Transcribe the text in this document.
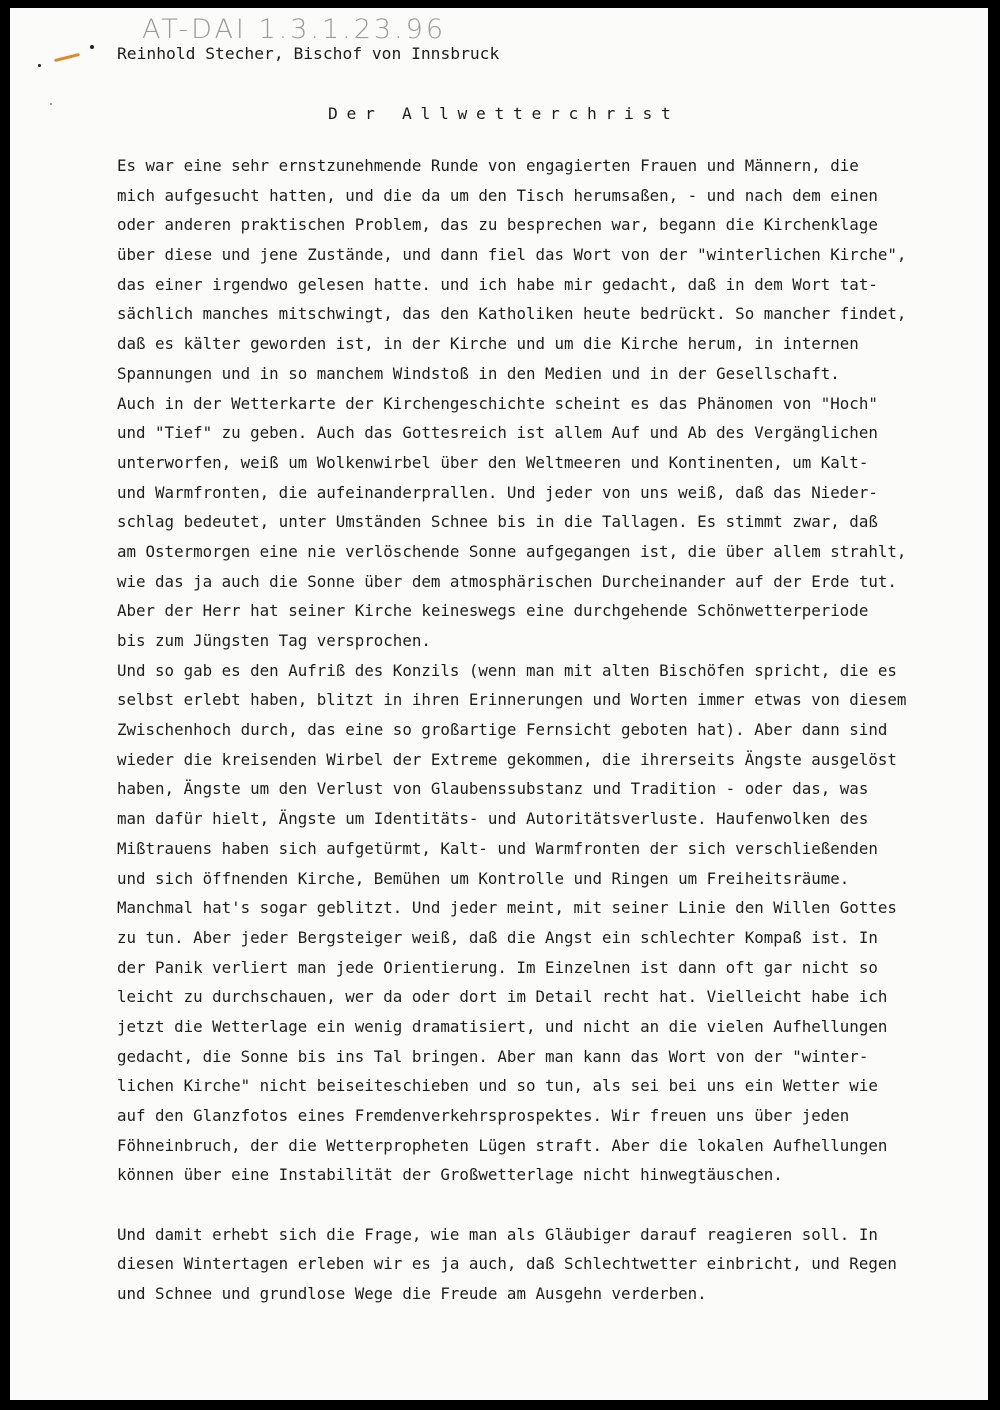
AT-DAI 1.3.1.23.96
Reinhold Stecher, Bischof von Innsbruck
Der Allwetterchrist
Es war eine sehr ernstzunehmende Runde von engagierten Frauen und Männern, die
mich aufgesucht hatten, und die da um den Tisch herumsaßen, - und nach dem einen
oder anderen praktischen Problem, das zu besprechen war, begann die Kirchenklage
über diese und jene Zustände, und dann fiel das Wort von der "winterlichen Kirche",
das einer irgendwo gelesen hatte. und ich habe mir gedacht, daß in dem Wort tat-
sächlich manches mitschwingt, das den Katholiken heute bedrückt. So mancher findet,
daß es kälter geworden ist, in der Kirche und um die Kirche herum, in internen
Spannungen und in so manchem Windstoß in den Medien und in der Gesellschaft.
Auch in der Wetterkarte der Kirchengeschichte scheint es das Phänomen von "Hoch"
und "Tief" zu geben. Auch das Gottesreich ist allem Auf und Ab des Vergänglichen
unterworfen, weiß um Wolkenwirbel über den Weltmeeren und Kontinenten, um Kalt-
und Warmfronten, die aufeinanderprallen. Und jeder von uns weiß, daß das Nieder-
schlag bedeutet, unter Umständen Schnee bis in die Tallagen. Es stimmt zwar, daß
am Ostermorgen eine nie verlöschende Sonne aufgegangen ist, die über allem strahlt,
wie das ja auch die Sonne über dem atmosphärischen Durcheinander auf der Erde tut.
Aber der Herr hat seiner Kirche keineswegs eine durchgehende Schönwetterperiode
bis zum Jüngsten Tag versprochen.
Und so gab es den Aufriß des Konzils (wenn man mit alten Bischöfen spricht, die es
selbst erlebt haben, blitzt in ihren Erinnerungen und Worten immer etwas von diesem
Zwischenhoch durch, das eine so großartige Fernsicht geboten hat). Aber dann sind
wieder die kreisenden Wirbel der Extreme gekommen, die ihrerseits Ängste ausgelöst
haben, Ängste um den Verlust von Glaubenssubstanz und Tradition - oder das, was
man dafür hielt, Ängste um Identitäts- und Autoritätsverluste. Haufenwolken des
Mißtrauens haben sich aufgetürmt, Kalt- und Warmfronten der sich verschließenden
und sich öffnenden Kirche, Bemühen um Kontrolle und Ringen um Freiheitsräume.
Manchmal hat's sogar geblitzt. Und jeder meint, mit seiner Linie den Willen Gottes
zu tun. Aber jeder Bergsteiger weiß, daß die Angst ein schlechter Kompaß ist. In
der Panik verliert man jede Orientierung. Im Einzelnen ist dann oft gar nicht so
leicht zu durchschauen, wer da oder dort im Detail recht hat. Vielleicht habe ich
jetzt die Wetterlage ein wenig dramatisiert, und nicht an die vielen Aufhellungen
gedacht, die Sonne bis ins Tal bringen. Aber man kann das Wort von der "winter-
lichen Kirche" nicht beiseiteschieben und so tun, als sei bei uns ein Wetter wie
auf den Glanzfotos eines Fremdenverkehrsprospektes. Wir freuen uns über jeden
Föhneinbruch, der die Wetterpropheten Lügen straft. Aber die lokalen Aufhellungen
können über eine Instabilität der Großwetterlage nicht hinwegtäuschen.
Und damit erhebt sich die Frage, wie man als Gläubiger darauf reagieren soll. In
diesen Wintertagen erleben wir es ja auch, daß Schlechtwetter einbricht, und Regen
und Schnee und grundlose Wege die Freude am Ausgehn verderben.
